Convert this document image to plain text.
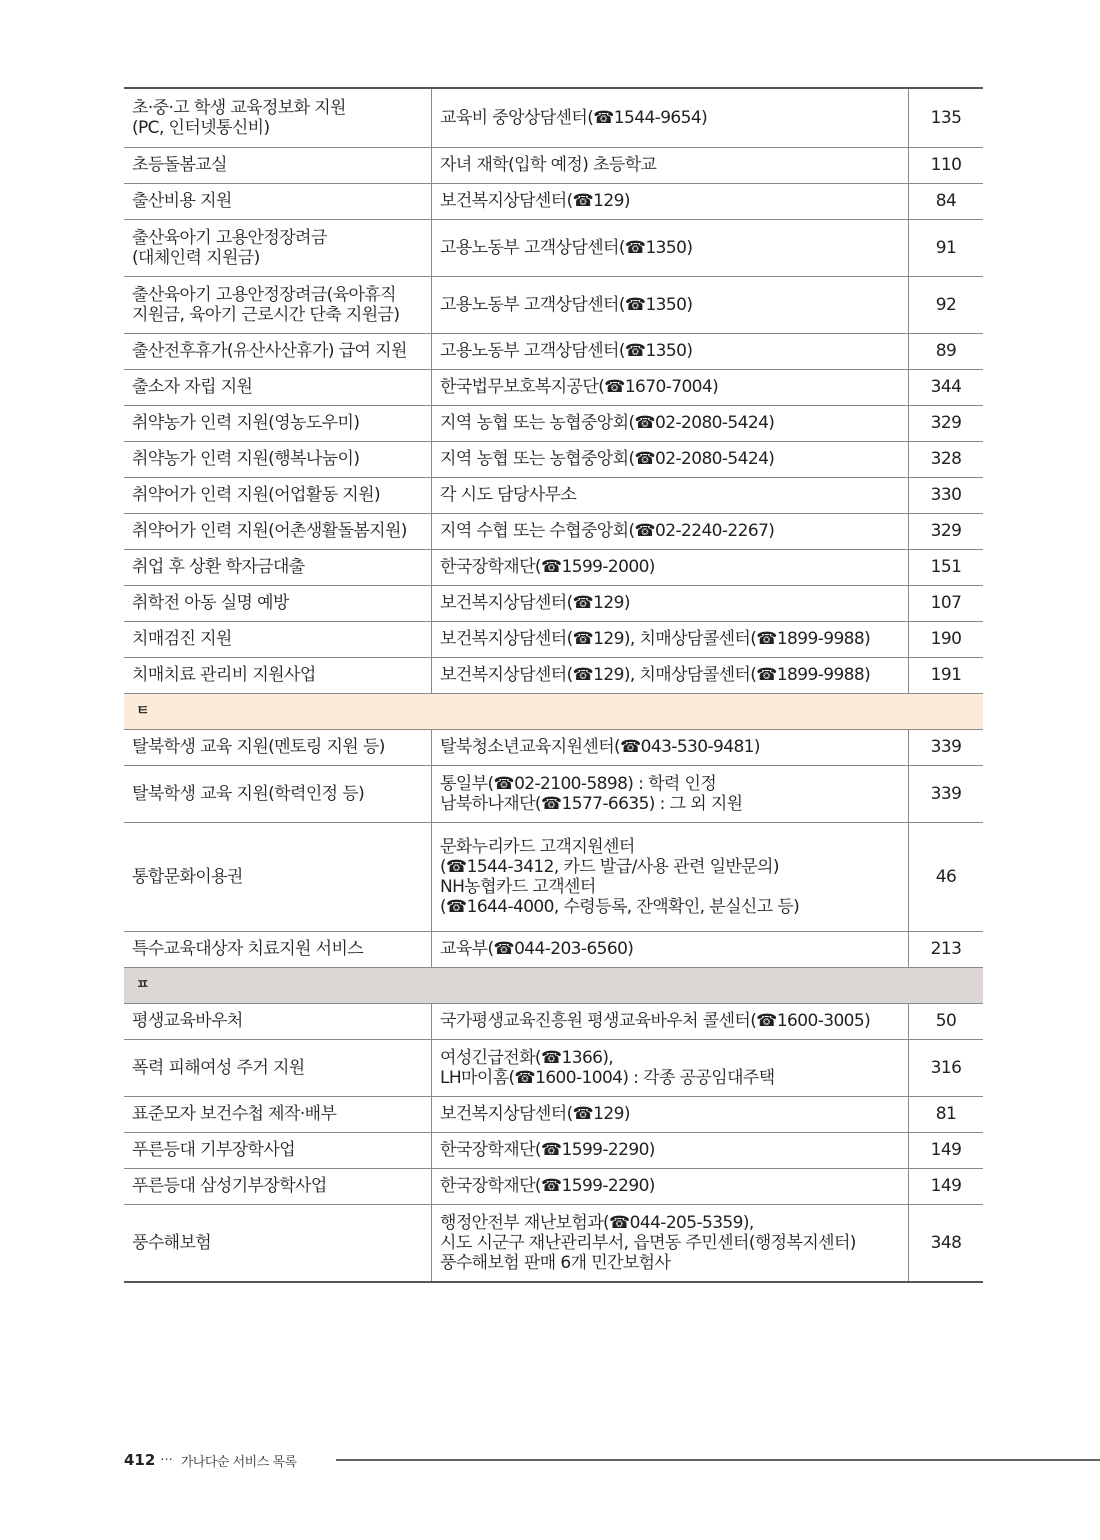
초·중·고 학생 교육정보화 지원
(PC, 인터넷통신비)	교육비 중앙상담센터(☎1544-9654)	135

초등돌봄교실	자녀 재학(입학 예정) 초등학교	110

출산비용 지원	보건복지상담센터(☎129)	84

출산육아기 고용안정장려금
(대체인력 지원금)	고용노동부 고객상담센터(☎1350)	91

출산육아기 고용안정장려금(육아휴직
지원금, 육아기 근로시간 단축 지원금)	고용노동부 고객상담센터(☎1350)	92

출산전후휴가(유산사산휴가) 급여 지원	고용노동부 고객상담센터(☎1350)	89

출소자 자립 지원	한국법무보호복지공단(☎1670-7004)	344

취약농가 인력 지원(영농도우미)	지역 농협 또는 농협중앙회(☎02-2080-5424)	329

취약농가 인력 지원(행복나눔이)	지역 농협 또는 농협중앙회(☎02-2080-5424)	328

취약어가 인력 지원(어업활동 지원)	각 시도 담당사무소	330

취약어가 인력 지원(어촌생활돌봄지원)	지역 수협 또는 수협중앙회(☎02-2240-2267)	329

취업 후 상환 학자금대출	한국장학재단(☎1599-2000)	151

취학전 아동 실명 예방	보건복지상담센터(☎129)	107

치매검진 지원	보건복지상담센터(☎129), 치매상담콜센터(☎1899-9988)	190

치매치료 관리비 지원사업	보건복지상담센터(☎129), 치매상담콜센터(☎1899-9988)	191
ㅌ		

탈북학생 교육 지원(멘토링 지원 등)	탈북청소년교육지원센터(☎043-530-9481)	339

탈북학생 교육 지원(학력인정 등)	통일부(☎02-2100-5898) : 학력 인정
남북하나재단(☎1577-6635) : 그 외 지원	339

통합문화이용권	문화누리카드 고객지원센터
(☎1544-3412, 카드 발급/사용 관련 일반문의)
NH농협카드 고객센터
(☎1644-4000, 수령등록, 잔액확인, 분실신고 등)	46

특수교육대상자 치료지원 서비스	교육부(☎044-203-6560)	213
ㅍ		

평생교육바우처	국가평생교육진흥원 평생교육바우처 콜센터(☎1600-3005)	50

폭력 피해여성 주거 지원	여성긴급전화(☎1366),
LH마이홈(☎1600-1004) : 각종 공공임대주택	316

표준모자 보건수첩 제작·배부	보건복지상담센터(☎129)	81

푸른등대 기부장학사업	한국장학재단(☎1599-2290)	149

푸른등대 삼성기부장학사업	한국장학재단(☎1599-2290)	149

풍수해보험	행정안전부 재난보험과(☎044-205-5359),
시도 시군구 재난관리부서, 읍면동 주민센터(행정복지센터)
풍수해보험 판매 6개 민간보험사	348
412 ··· 가나다순 서비스 목록
